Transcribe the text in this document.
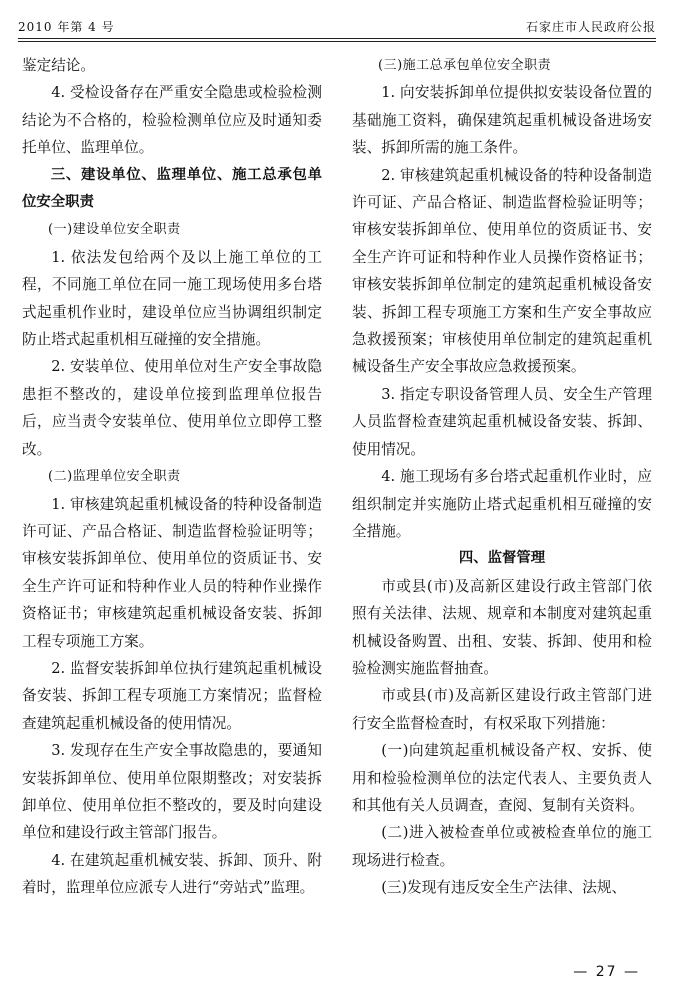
2010 年第 4 号	石家庄市人民政府公报

鉴定结论。

4. 受检设备存在严重安全隐患或检验检测结论为不合格的，检验检测单位应及时通知委托单位、监理单位。

三、建设单位、监理单位、施工总承包单位安全职责

(一)建设单位安全职责

1. 依法发包给两个及以上施工单位的工程，不同施工单位在同一施工现场使用多台塔式起重机作业时，建设单位应当协调组织制定防止塔式起重机相互碰撞的安全措施。

2. 安装单位、使用单位对生产安全事故隐患拒不整改的，建设单位接到监理单位报告后，应当责令安装单位、使用单位立即停工整改。

(二)监理单位安全职责

1. 审核建筑起重机械设备的特种设备制造许可证、产品合格证、制造监督检验证明等；审核安装拆卸单位、使用单位的资质证书、安全生产许可证和特种作业人员的特种作业操作资格证书；审核建筑起重机械设备安装、拆卸工程专项施工方案。

2. 监督安装拆卸单位执行建筑起重机械设备安装、拆卸工程专项施工方案情况；监督检查建筑起重机械设备的使用情况。

3. 发现存在生产安全事故隐患的，要通知安装拆卸单位、使用单位限期整改；对安装拆卸单位、使用单位拒不整改的，要及时向建设单位和建设行政主管部门报告。

4. 在建筑起重机械安装、拆卸、顶升、附着时，监理单位应派专人进行“旁站式”监理。

(三)施工总承包单位安全职责

1. 向安装拆卸单位提供拟安装设备位置的基础施工资料，确保建筑起重机械设备进场安装、拆卸所需的施工条件。

2. 审核建筑起重机械设备的特种设备制造许可证、产品合格证、制造监督检验证明等；审核安装拆卸单位、使用单位的资质证书、安全生产许可证和特种作业人员操作资格证书；审核安装拆卸单位制定的建筑起重机械设备安装、拆卸工程专项施工方案和生产安全事故应急救援预案；审核使用单位制定的建筑起重机械设备生产安全事故应急救援预案。

3. 指定专职设备管理人员、安全生产管理人员监督检查建筑起重机械设备安装、拆卸、使用情况。

4. 施工现场有多台塔式起重机作业时，应组织制定并实施防止塔式起重机相互碰撞的安全措施。

四、监督管理

市或县(市)及高新区建设行政主管部门依照有关法律、法规、规章和本制度对建筑起重机械设备购置、出租、安装、拆卸、使用和检验检测实施监督抽查。

市或县(市)及高新区建设行政主管部门进行安全监督检查时，有权采取下列措施：

(一)向建筑起重机械设备产权、安拆、使用和检验检测单位的法定代表人、主要负责人和其他有关人员调查，查阅、复制有关资料。

(二)进入被检查单位或被检查单位的施工现场进行检查。

(三)发现有违反安全生产法律、法规、

— 27 —
